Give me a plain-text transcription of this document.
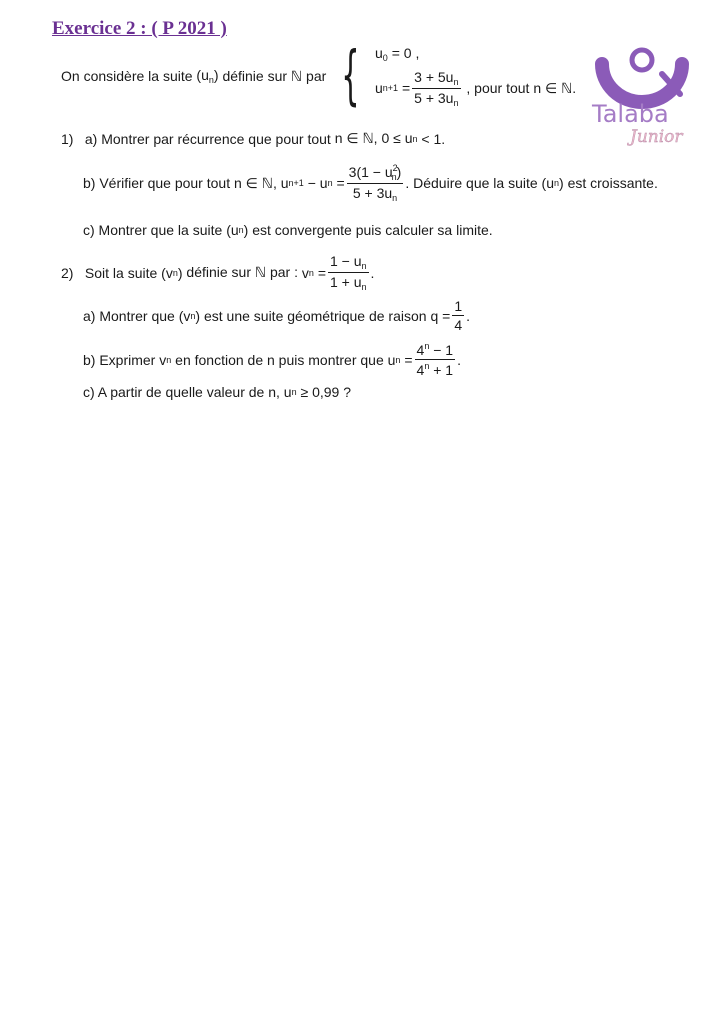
Exercice 2 : ( P 2021 )
Talaba
Junior
On considère la suite
$(u_n)$
définie sur ℕ par { $u_0 = 0$ ,
u n+1
= $\frac{3 + 5u_n}{5 + 3u_n}$
, pour tout n ∈ ℕ.
1)
a) Montrer par récurrence que pour tout
n ∈ ℕ, 0 ≤ u n
< 1.
b) Vérifier que pour tout
n ∈ ℕ, u n+1
− u n
= $\frac{3(1 - u^2_n)}{5 + 3u_n}$ . Déduire que la suite
(u n )
est croissante.
c) Montrer que la suite
(u n )
est convergente puis calculer sa limite.
2)
Soit la suite
(v n )
définie sur ℕ par :
v n
= $\frac{1 - u_n}{1 + u_n}$ .
a) Montrer que
(v n )
est une suite géométrique de raison
$q = \frac{1}{4}$ .
b) Exprimer
v n
en fonction de n puis montrer que
u n
= $\frac{4^n - 1}{4^n + 1}$ .
c) A partir de quelle valeur de n,
u n
≥ 0,99 ?
